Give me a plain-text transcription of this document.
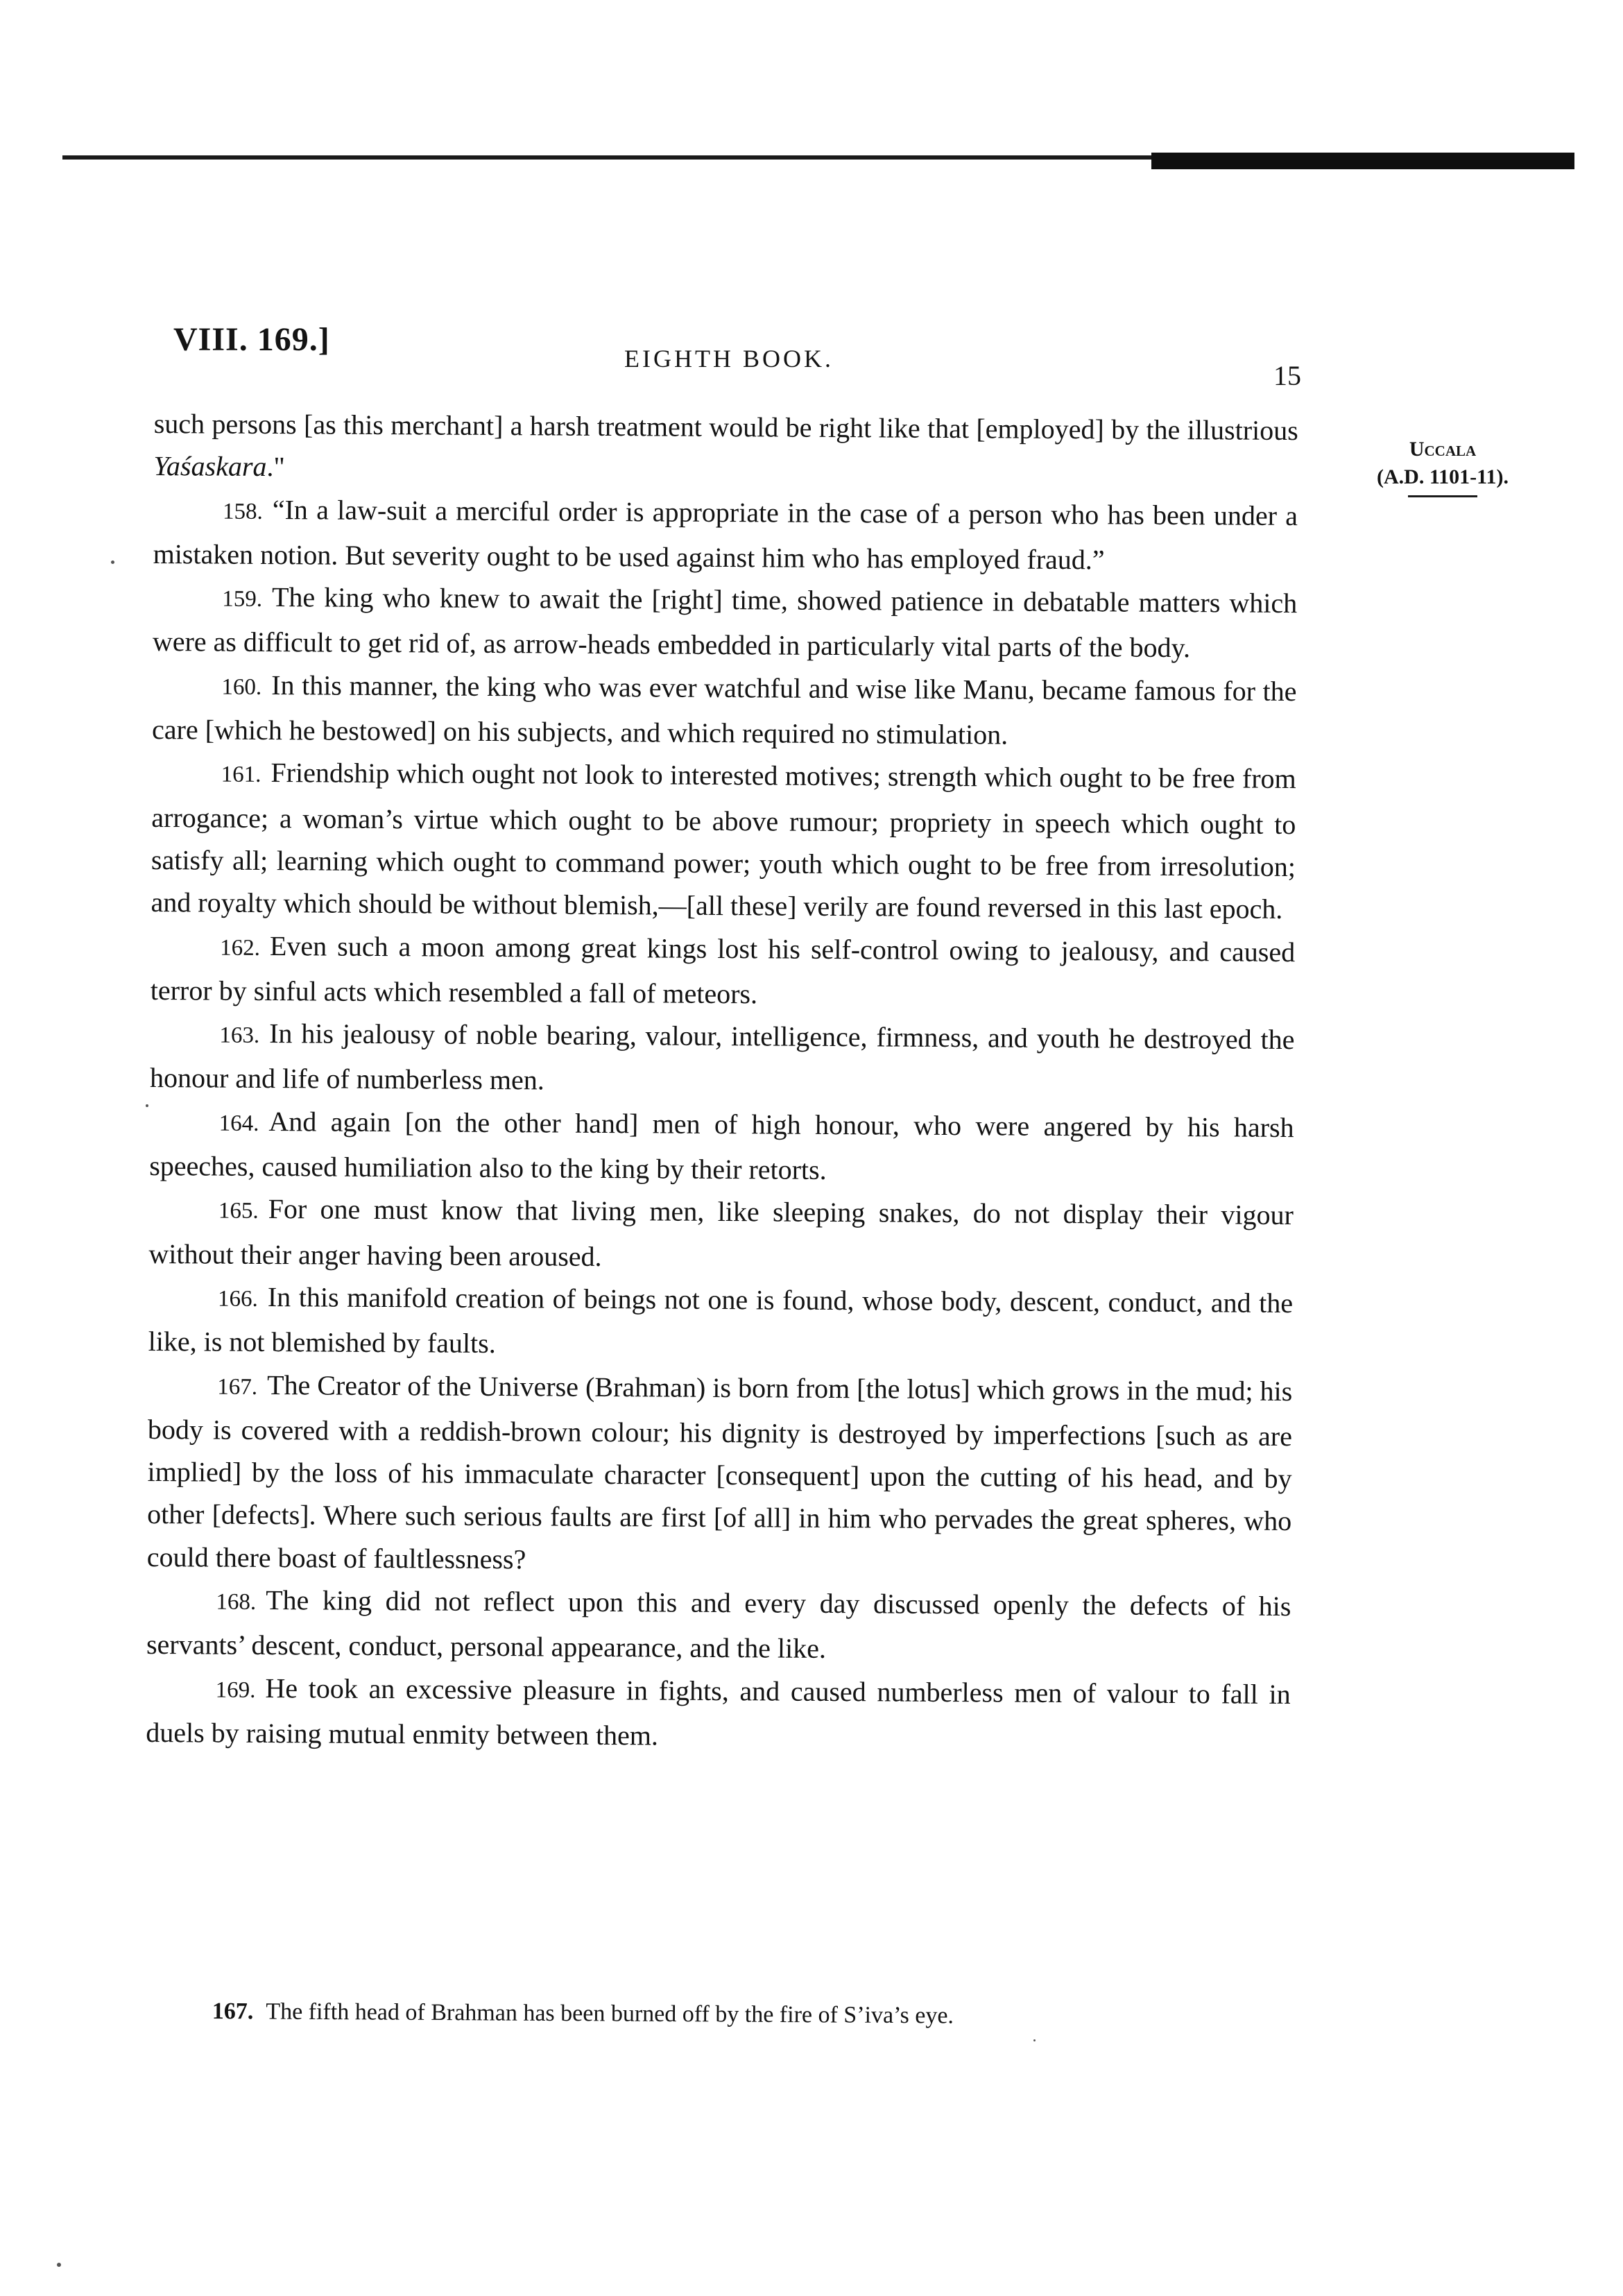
VIII. 169.]
EIGHTH BOOK.
15
Uccala
(A.D. 1101-11).

such persons [as this merchant] a harsh treatment would be right like that [employed] by the illustrious Yaśaskara."

158. “In a law-suit a merciful order is appropriate in the case of a person who has been under a mistaken notion. But severity ought to be used against him who has employed fraud.”

159. The king who knew to await the [right] time, showed patience in debatable matters which were as difficult to get rid of, as arrow-heads embedded in particularly vital parts of the body.

160. In this manner, the king who was ever watchful and wise like Manu, became famous for the care [which he bestowed] on his subjects, and which required no stimulation.

161. Friendship which ought not look to interested motives; strength which ought to be free from arrogance; a woman’s virtue which ought to be above rumour; propriety in speech which ought to satisfy all; learning which ought to command power; youth which ought to be free from irresolution; and royalty which should be without blemish,—[all these] verily are found reversed in this last epoch.

162. Even such a moon among great kings lost his self-control owing to jealousy, and caused terror by sinful acts which resembled a fall of meteors.

163. In his jealousy of noble bearing, valour, intelligence, firmness, and youth he destroyed the honour and life of numberless men.

164. And again [on the other hand] men of high honour, who were angered by his harsh speeches, caused humiliation also to the king by their retorts.

165. For one must know that living men, like sleeping snakes, do not display their vigour without their anger having been aroused.

166. In this manifold creation of beings not one is found, whose body, descent, conduct, and the like, is not blemished by faults.

167. The Creator of the Universe (Brahman) is born from [the lotus] which grows in the mud; his body is covered with a reddish-brown colour; his dignity is destroyed by imperfections [such as are implied] by the loss of his immaculate character [consequent] upon the cutting of his head, and by other [defects]. Where such serious faults are first [of all] in him who pervades the great spheres, who could there boast of faultlessness?

168. The king did not reflect upon this and every day discussed openly the defects of his servants’ descent, conduct, personal appearance, and the like.

169. He took an excessive pleasure in fights, and caused numberless men of valour to fall in duels by raising mutual enmity between them.

167. The fifth head of Brahman has been burned off by the fire of S’iva’s eye.
